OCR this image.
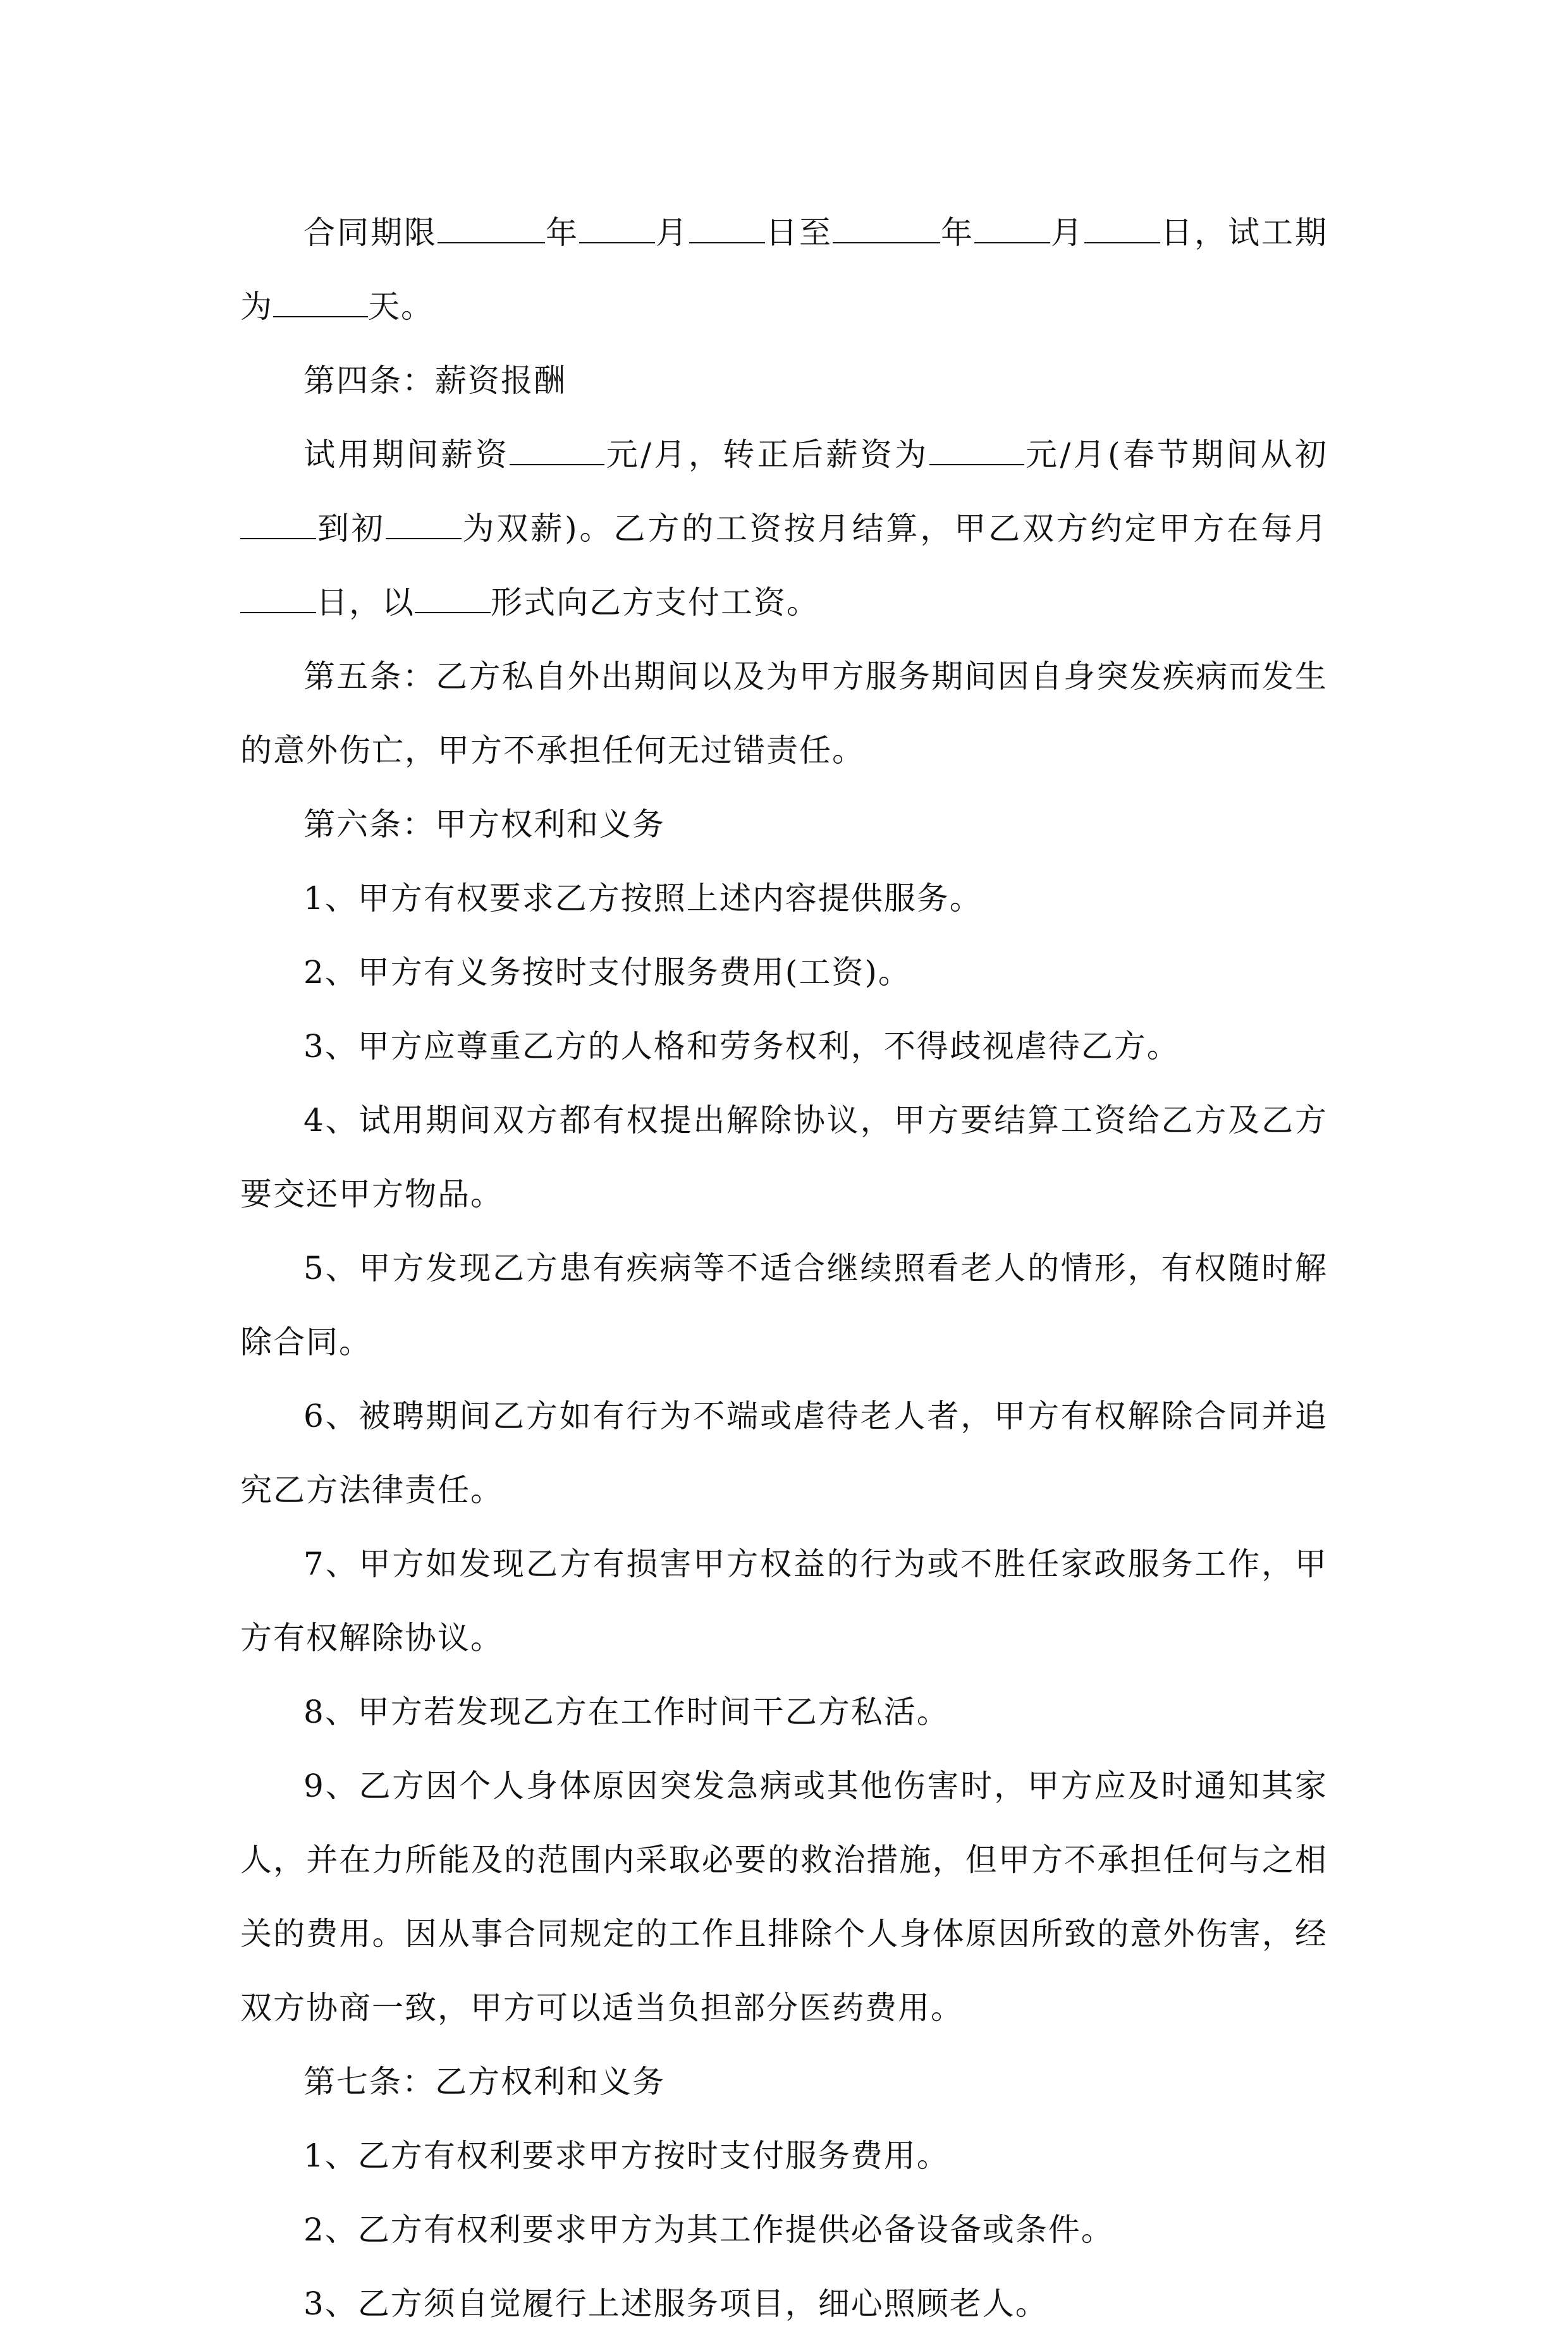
合同期限	年 月 日至	年 月 日，试工期为	天。

第四条：薪资报酬

试用期间薪资	元/月，转正后薪资为	元/月(春节期间从初到初 为双薪)。乙方的工资按月结算，甲乙双方约定甲方在每月日，以 形式向乙方支付工资。

第五条：乙方私自外出期间以及为甲方服务期间因自身突发疾病而发生的意外伤亡，甲方不承担任何无过错责任。

第六条：甲方权利和义务

1、甲方有权要求乙方按照上述内容提供服务。

2、甲方有义务按时支付服务费用(工资)。

3、甲方应尊重乙方的人格和劳务权利，不得歧视虐待乙方。

4、试用期间双方都有权提出解除协议，甲方要结算工资给乙方及乙方要交还甲方物品。

5、甲方发现乙方患有疾病等不适合继续照看老人的情形，有权随时解除合同。

6、被聘期间乙方如有行为不端或虐待老人者，甲方有权解除合同并追究乙方法律责任。

7、甲方如发现乙方有损害甲方权益的行为或不胜任家政服务工作，甲方有权解除协议。

8、甲方若发现乙方在工作时间干乙方私活。

9、乙方因个人身体原因突发急病或其他伤害时，甲方应及时通知其家人，并在力所能及的范围内采取必要的救治措施，但甲方不承担任何与之相关的费用。因从事合同规定的工作且排除个人身体原因所致的意外伤害，经双方协商一致，甲方可以适当负担部分医药费用。

第七条：乙方权利和义务

1、乙方有权利要求甲方按时支付服务费用。

2、乙方有权利要求甲方为其工作提供必备设备或条件。

3、乙方须自觉履行上述服务项目，细心照顾老人。
